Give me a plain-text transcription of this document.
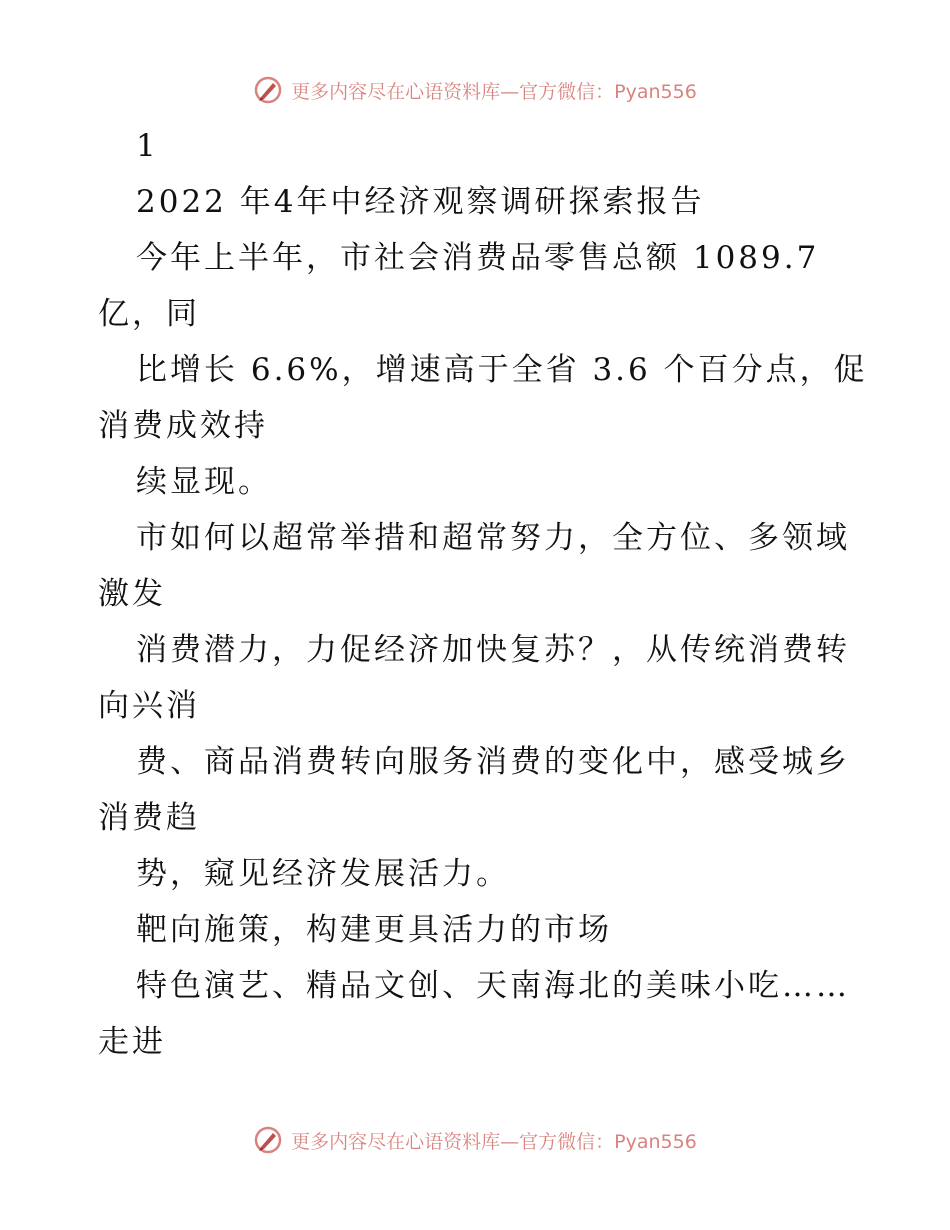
更多内容尽在心语资料库—官方微信：Pyan556
1
2022 年4年中经济观察调研探索报告
今年上半年，市社会消费品零售总额 1089.7
亿，同
比增长 6.6%，增速高于全省 3.6 个百分点，促
消费成效持
续显现。
市如何以超常举措和超常努力，全方位、多领域
激发
消费潜力，力促经济加快复苏？，从传统消费转
向兴消
费、商品消费转向服务消费的变化中，感受城乡
消费趋
势，窥见经济发展活力。
靶向施策，构建更具活力的市场
特色演艺、精品文创、天南海北的美味小吃……
走进
更多内容尽在心语资料库—官方微信：Pyan556
